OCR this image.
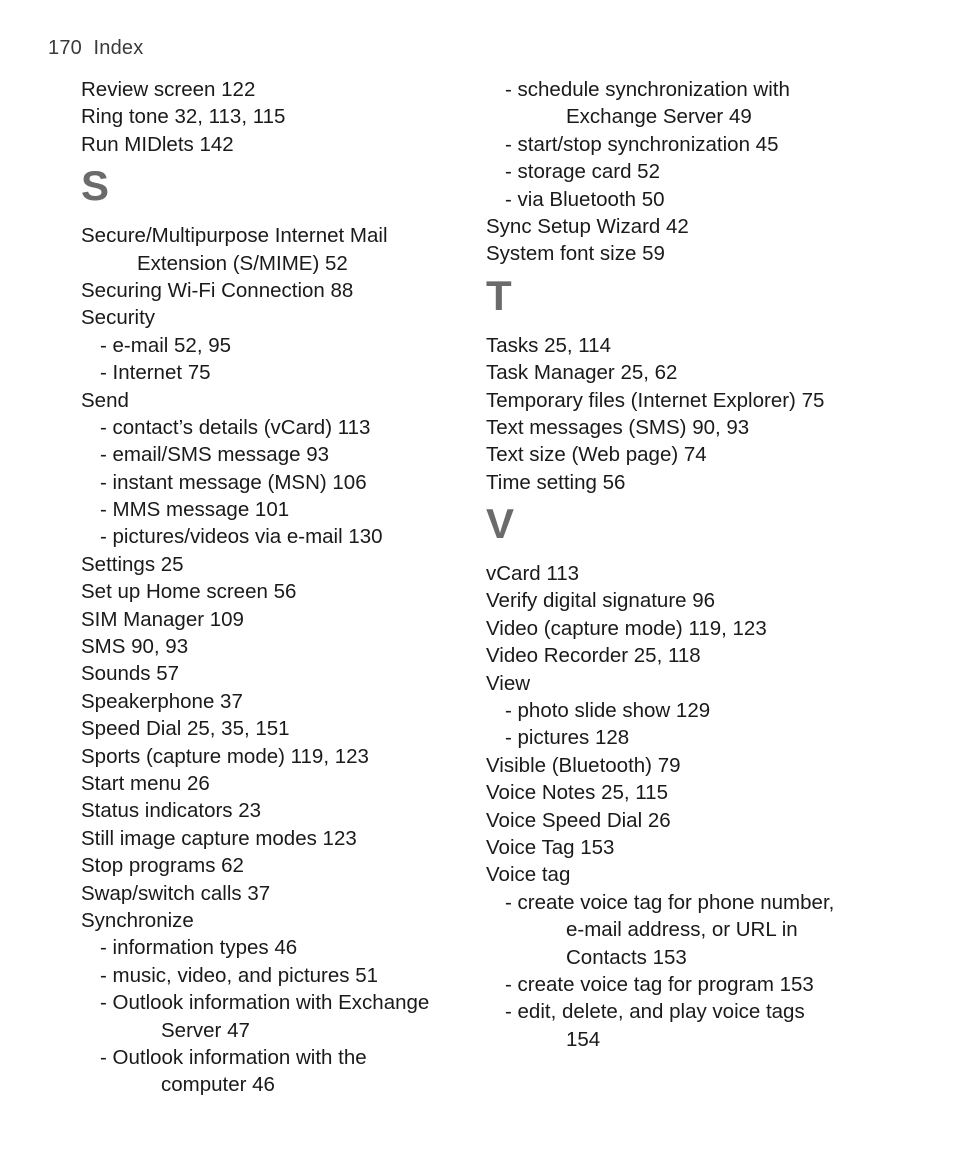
170 Index
Review screen 122
Ring tone 32, 113, 115
Run MIDlets 142
S
Secure/Multipurpose Internet Mail
Extension (S/MIME) 52
Securing Wi-Fi Connection 88
Security
- e-mail 52, 95
- Internet 75
Send
- contact’s details (vCard) 113
- email/SMS message 93
- instant message (MSN) 106
- MMS message 101
- pictures/videos via e-mail 130
Settings 25
Set up Home screen 56
SIM Manager 109
SMS 90, 93
Sounds 57
Speakerphone 37
Speed Dial 25, 35, 151
Sports (capture mode) 119, 123
Start menu 26
Status indicators 23
Still image capture modes 123
Stop programs 62
Swap/switch calls 37
Synchronize
- information types 46
- music, video, and pictures 51
- Outlook information with Exchange
Server 47
- Outlook information with the
computer 46
- schedule synchronization with
Exchange Server 49
- start/stop synchronization 45
- storage card 52
- via Bluetooth 50
Sync Setup Wizard 42
System font size 59
T
Tasks 25, 114
Task Manager 25, 62
Temporary files (Internet Explorer) 75
Text messages (SMS) 90, 93
Text size (Web page) 74
Time setting 56
V
vCard 113
Verify digital signature 96
Video (capture mode) 119, 123
Video Recorder 25, 118
View
- photo slide show 129
- pictures 128
Visible (Bluetooth) 79
Voice Notes 25, 115
Voice Speed Dial 26
Voice Tag 153
Voice tag
- create voice tag for phone number,
e-mail address, or URL in
Contacts 153
- create voice tag for program 153
- edit, delete, and play voice tags
154
